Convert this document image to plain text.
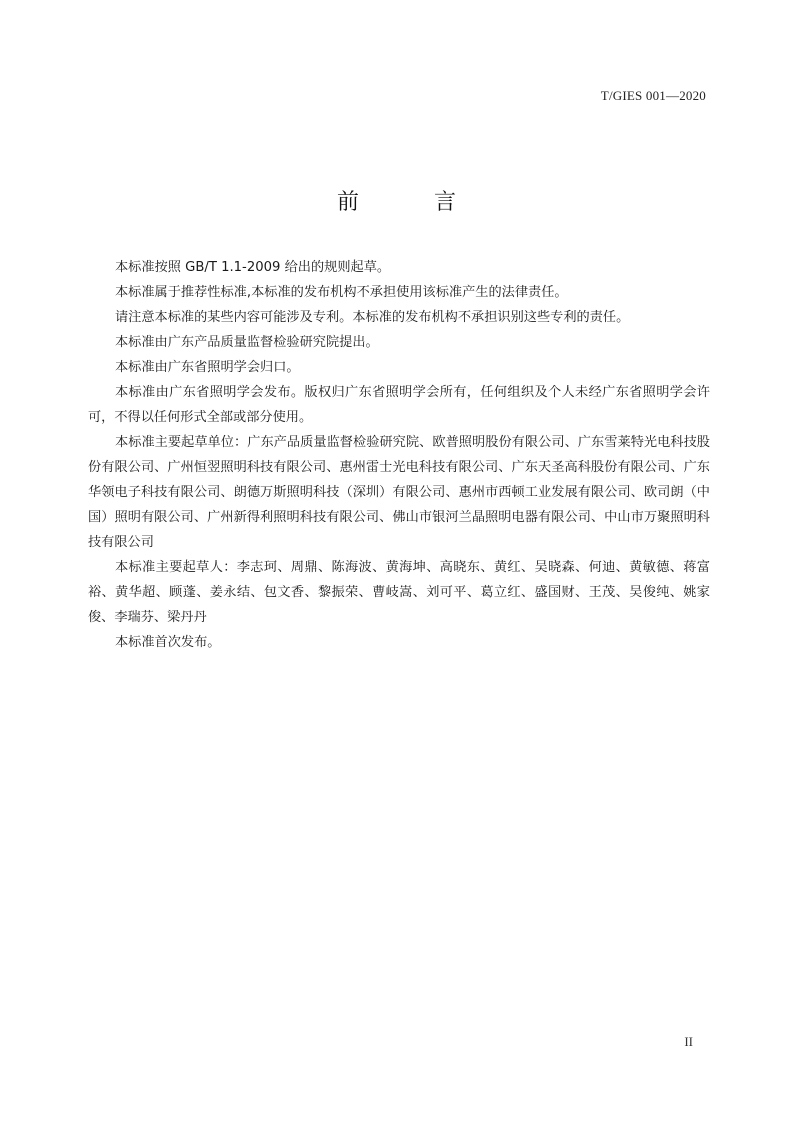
T/GIES 001—2020
前 言

本标准按照 GB/T 1.1-2009 给出的规则起草。

本标准属于推荐性标准,本标准的发布机构不承担使用该标准产生的法律责任。

请注意本标准的某些内容可能涉及专利。本标准的发布机构不承担识别这些专利的责任。

本标准由广东产品质量监督检验研究院提出。

本标准由广东省照明学会归口。

本标准由广东省照明学会发布。版权归广东省照明学会所有，任何组织及个人未经广东省照明学会许可，不得以任何形式全部或部分使用。

本标准主要起草单位：广东产品质量监督检验研究院、欧普照明股份有限公司、广东雪莱特光电科技股份有限公司、广州恒翌照明科技有限公司、惠州雷士光电科技有限公司、广东天圣高科股份有限公司、广东华领电子科技有限公司、朗德万斯照明科技（深圳）有限公司、惠州市西顿工业发展有限公司、欧司朗（中国）照明有限公司、广州新得利照明科技有限公司、佛山市银河兰晶照明电器有限公司、中山市万聚照明科技有限公司

本标准主要起草人：李志珂、周鼎、陈海波、黄海坤、高晓东、黄红、吴晓森、何迪、黄敏德、蒋富裕、黄华超、顾蓬、姜永结、包文香、黎振荣、曹岐嵩、刘可平、葛立红、盛国财、王茂、吴俊纯、姚家俊、李瑞芬、梁丹丹

本标准首次发布。

II
